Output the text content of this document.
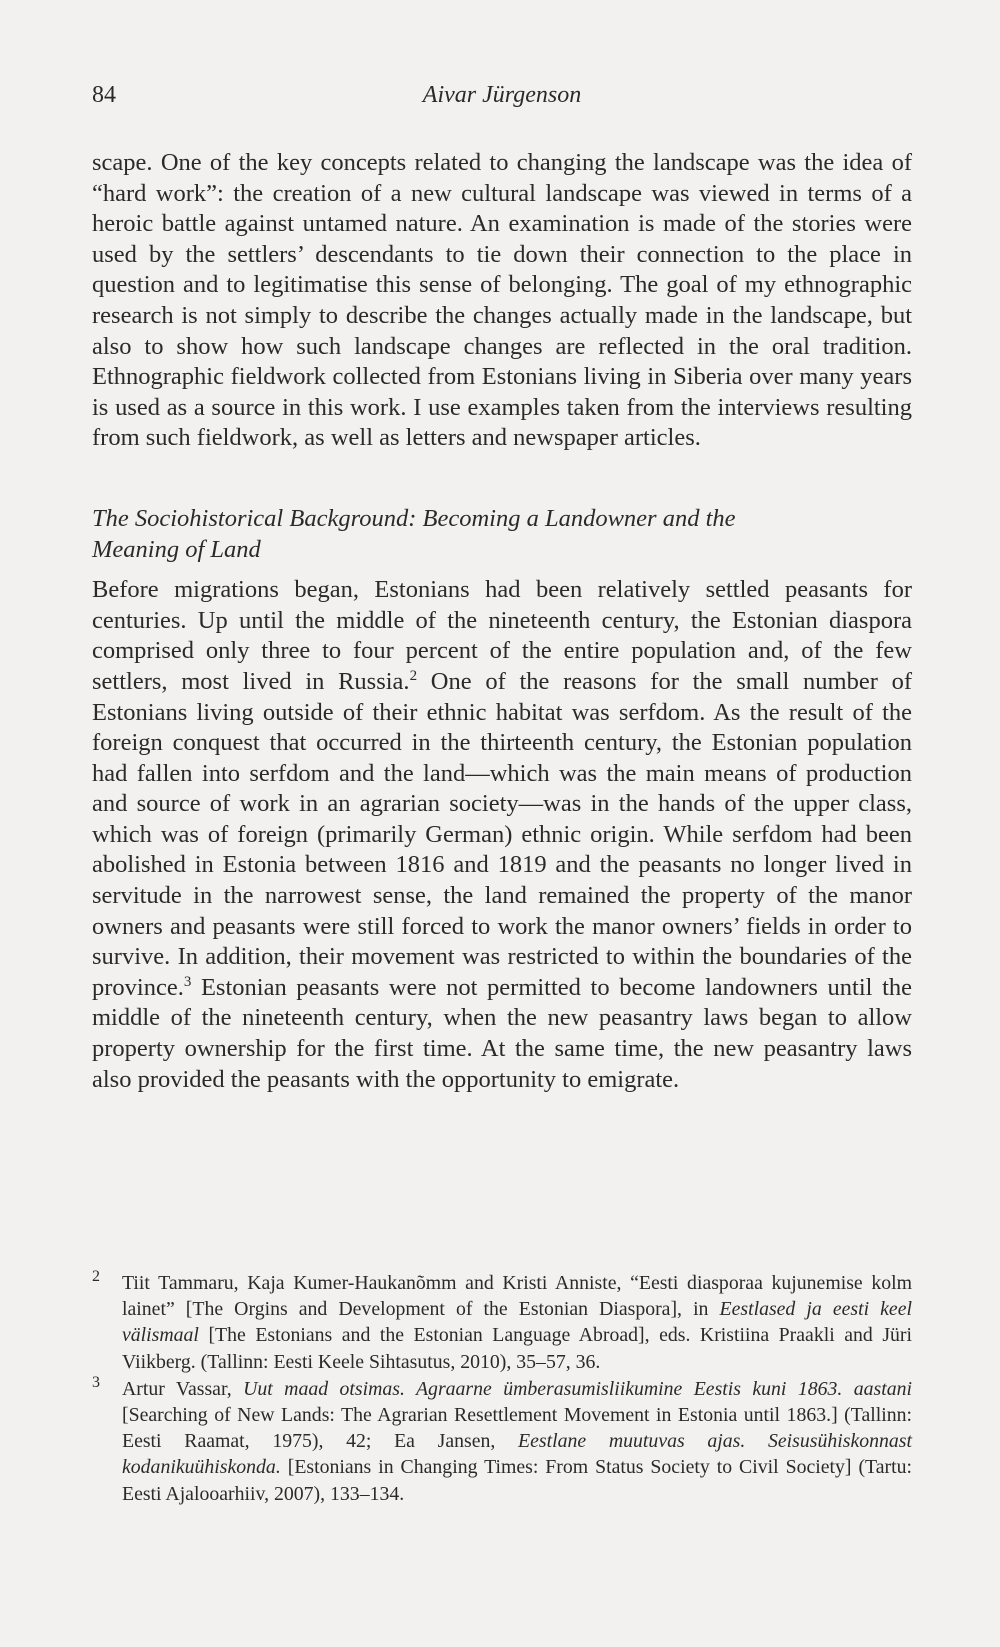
84	Aivar Jürgenson

scape. One of the key concepts related to changing the landscape was the idea of “hard work”: the creation of a new cultural landscape was viewed in terms of a heroic battle against untamed nature. An examination is made of the stories were used by the settlers’ descendants to tie down their connection to the place in question and to legitimatise this sense of belonging. The goal of my ethnographic research is not simply to describe the changes actually made in the landscape, but also to show how such landscape changes are reflected in the oral tradition. Ethnographic fieldwork collected from Estonians living in Siberia over many years is used as a source in this work. I use examples taken from the interviews resulting from such fieldwork, as well as letters and newspaper articles.

The Sociohistorical Background: Becoming a Landowner and the Meaning of Land

Before migrations began, Estonians had been relatively settled peasants for centuries. Up until the middle of the nineteenth century, the Estonian diaspora comprised only three to four percent of the entire population and, of the few settlers, most lived in Russia.$^2$ One of the reasons for the small number of Estonians living outside of their ethnic habitat was serfdom. As the result of the foreign conquest that occurred in the thirteenth century, the Estonian population had fallen into serfdom and the land—which was the main means of production and source of work in an agrarian society—was in the hands of the upper class, which was of foreign (primarily German) ethnic origin. While serfdom had been abolished in Estonia between 1816 and 1819 and the peasants no longer lived in servitude in the narrowest sense, the land remained the property of the manor owners and peasants were still forced to work the manor owners’ fields in order to survive. In addition, their movement was restricted to within the boundaries of the province.$^3$ Estonian peasants were not permitted to become landowners until the middle of the nineteenth century, when the new peasantry laws began to allow property ownership for the first time. At the same time, the new peasantry laws also provided the peasants with the opportunity to emigrate.

2 Tiit Tammaru, Kaja Kumer-Haukanõmm and Kristi Anniste, “Eesti diasporaa kujunemise kolm lainet” [The Orgins and Development of the Estonian Diaspora], in Eestlased ja eesti keel välismaal [The Estonians and the Estonian Language Abroad], eds. Kristiina Praakli and Jüri Viikberg. (Tallinn: Eesti Keele Sihtasutus, 2010), 35–57, 36.
3 Artur Vassar, Uut maad otsimas. Agraarne ümberasumisliikumine Eestis kuni 1863. aastani [Searching of New Lands: The Agrarian Resettlement Movement in Estonia until 1863.] (Tallinn: Eesti Raamat, 1975), 42; Ea Jansen, Eestlane muutuvas ajas. Seisusühiskonnast kodanikuühiskonda. [Estonians in Changing Times: From Status Society to Civil Society] (Tartu: Eesti Ajalooarhiiv, 2007), 133–134.
